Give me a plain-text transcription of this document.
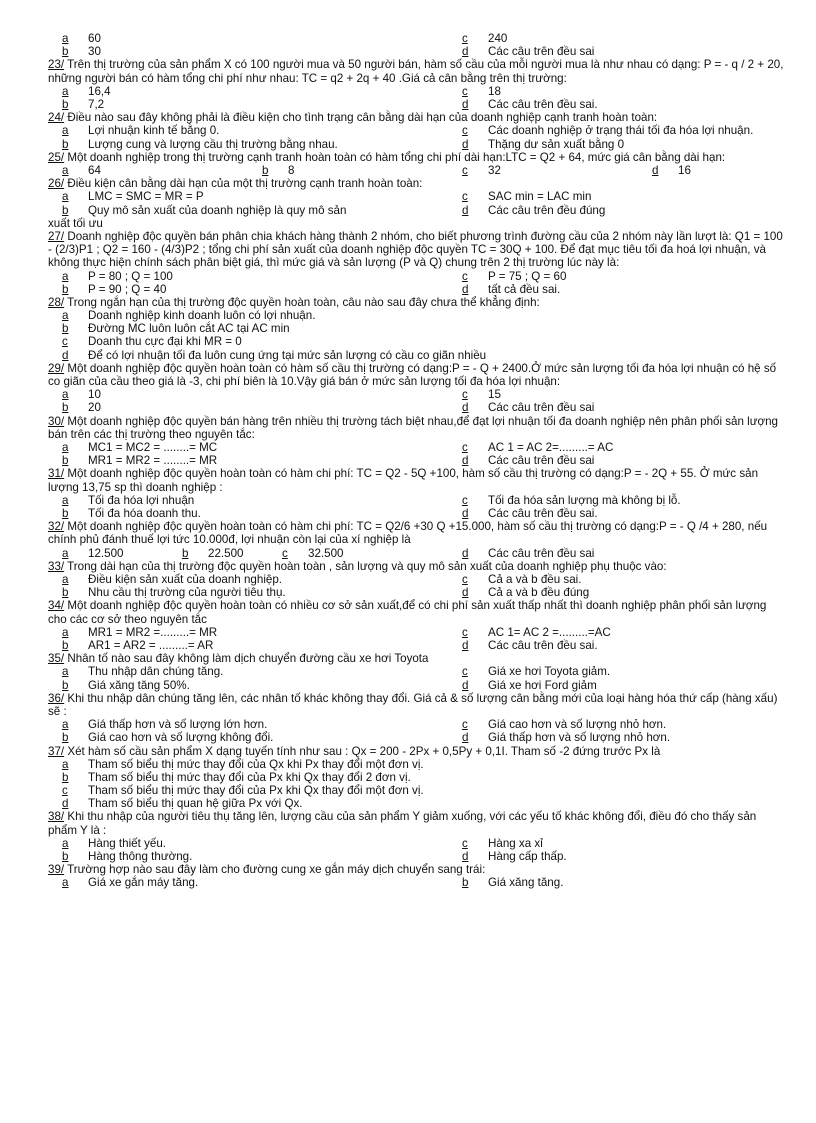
a 60	c 240
b 30	d Các câu trên đều sai
23/ Trên thị trường của sản phẩm X có 100 người mua và 50 người bán, hàm số cầu của mỗi người mua là như nhau có dạng: P = - q / 2 + 20, những người bán có hàm tổng chi phí như nhau: TC = q2 + 2q + 40 .Giá cả cân bằng trên thị trường:
a 16,4	c 18
b 7,2	d Các câu trên đều sai.
24/ Điều nào sau đây không phải là điều kiện cho tình trạng cân bằng dài hạn của doanh nghiệp cạnh tranh hoàn toàn:
a Lợi nhuận kinh tế bằng 0.	c Các doanh nghiệp ở trạng thái tối đa hóa lợi nhuận.
b Lượng cung và lượng cầu thị trường bằng nhau.	d Thặng dư sản xuất bằng 0
25/ Một doanh nghiệp trong thị trường cạnh tranh hoàn toàn có hàm tổng chi phí dài hạn:LTC = Q2 + 64, mức giá cân bằng dài hạn:
a 64	b 8	c 32	d 16
26/ Điều kiện cân bằng dài hạn của một thị trường cạnh tranh hoàn toàn:
a LMC = SMC = MR = P	c SAC min = LAC min
b Quy mô sản xuất của doanh nghiệp là quy mô sản	d Các câu trên đều đúng
xuất tối ưu
27/ Doanh nghiệp độc quyền bán phân chia khách hàng thành 2 nhóm, cho biết phương trình đường cầu của 2 nhóm này lần lượt là: Q1 = 100 - (2/3)P1 ; Q2 = 160 - (4/3)P2 ; tổng chi phí sản xuất của doanh nghiệp độc quyền TC = 30Q + 100. Để đạt mục tiêu tối đa hoá lợi nhuận, và không thực hiện chính sách phân biệt giá, thì mức giá và sản lượng (P và Q) chung trên 2 thị trường lúc này là:
a P = 80 ; Q = 100	c P = 75 ; Q = 60
b P = 90 ; Q = 40	d tất cả đều sai.
28/ Trong ngắn hạn của thị trường độc quyền hoàn toàn, câu nào sau đây chưa thể khẳng định:
a Doanh nghiệp kinh doanh luôn có lợi nhuận.
b Đường MC luôn luôn cắt AC tại AC min
c Doanh thu cực đại khi MR = 0
d Để có lợi nhuận tối đa luôn cung ứng tại mức sản lượng có cầu co giãn nhiều
29/ Một doanh nghiệp độc quyền hoàn toàn có hàm số cầu thị trường có dạng:P = - Q + 2400.Ở mức sản lượng tối đa hóa lợi nhuận có hệ số co giãn của cầu theo giá là -3, chi phí biên là 10.Vậy giá bán ở mức sản lượng tối đa hóa lợi nhuận:
a 10	c 15
b 20	d Các câu trên đều sai
30/ Một doanh nghiệp độc quyền bán hàng trên nhiều thị trường tách biệt nhau,để đạt lợi nhuận tối đa doanh nghiệp nên phân phối sản lượng bán trên các thị trường theo nguyên tắc:
a MC1 = MC2 = ........= MC	c AC 1 = AC 2=.........= AC
b MR1 = MR2 = ........= MR	d Các câu trên đều sai
31/ Một doanh nghiệp độc quyền hoàn toàn có hàm chi phí: TC = Q2 - 5Q +100, hàm số cầu thị trường có dạng:P = - 2Q + 55. Ở mức sản lượng 13,75 sp thì doanh nghiệp :
a Tối đa hóa lợi nhuận	c Tối đa hóa sản lượng mà không bị lỗ.
b Tối đa hóa doanh thu.	d Các câu trên đều sai.
32/ Một doanh nghiệp độc quyền hoàn toàn có hàm chi phí: TC = Q2/6 +30 Q +15.000, hàm số cầu thị trường có dạng:P = - Q /4 + 280, nếu chính phủ đánh thuế lợi tức 10.000đ, lợi nhuận còn lại của xí nghiệp là
a 12.500	b 22.500	c 32.500	d Các câu trên đều sai
33/ Trong dài hạn của thị trường độc quyền hoàn toàn , sản lượng và quy mô sản xuất của doanh nghiệp phụ thuộc vào:
a Điều kiện sản xuất của doanh nghiệp.	c Cả a và b đều sai.
b Nhu cầu thị trường của người tiêu thụ.	d Cả a và b đều đúng
34/ Một doanh nghiệp độc quyền hoàn toàn có nhiều cơ sở sản xuất,để có chi phí sản xuất thấp nhất thì doanh nghiệp phân phối sản lượng cho các cơ sở theo nguyên tắc
a MR1 = MR2 =.........= MR	c AC 1= AC 2 =.........=AC
b AR1 = AR2 = .........= AR	d Các câu trên đều sai.
35/ Nhân tố nào sau đây không làm dịch chuyển đường cầu xe hơi Toyota
a Thu nhập dân chúng tăng.	c Giá xe hơi Toyota giảm.
b Giá xăng tăng 50%.	d Giá xe hơi Ford giảm
36/ Khi thu nhập dân chúng tăng lên, các nhân tố khác không thay đổi. Giá cả & số lượng cân bằng mới của loại hàng hóa thứ cấp (hàng xấu) sẽ :
a Giá thấp hơn và số lượng lớn hơn.	c Giá cao hơn và số lượng nhỏ hơn.
b Giá cao hơn và số lượng không đổi.	d Giá thấp hơn và số lượng nhỏ hơn.
37/ Xét hàm số cầu sản phẩm X dạng tuyến tính như sau : Qx = 200 - 2Px + 0,5Py + 0,1I. Tham số -2 đứng trước Px là
a Tham số biểu thị mức thay đổi của Qx khi Px thay đổi một đơn vị.
b Tham số biểu thị mức thay đổi của Px khi Qx thay đổi 2 đơn vị.
c Tham số biểu thị mức thay đổi của Px khi Qx thay đổi một đơn vị.
d Tham số biểu thị quan hệ giữa Px với Qx.
38/ Khi thu nhập của người tiêu thụ tăng lên, lượng cầu của sản phẩm Y giảm xuống, với các yếu tố khác không đổi, điều đó cho thấy sản phẩm Y là :
a Hàng thiết yếu.	c Hàng xa xỉ
b Hàng thông thường.	d Hàng cấp thấp.
39/ Trường hợp nào sau đây làm cho đường cung xe gắn máy dịch chuyển sang trái:
a Giá xe gắn máy tăng.	b Giá xăng tăng.
